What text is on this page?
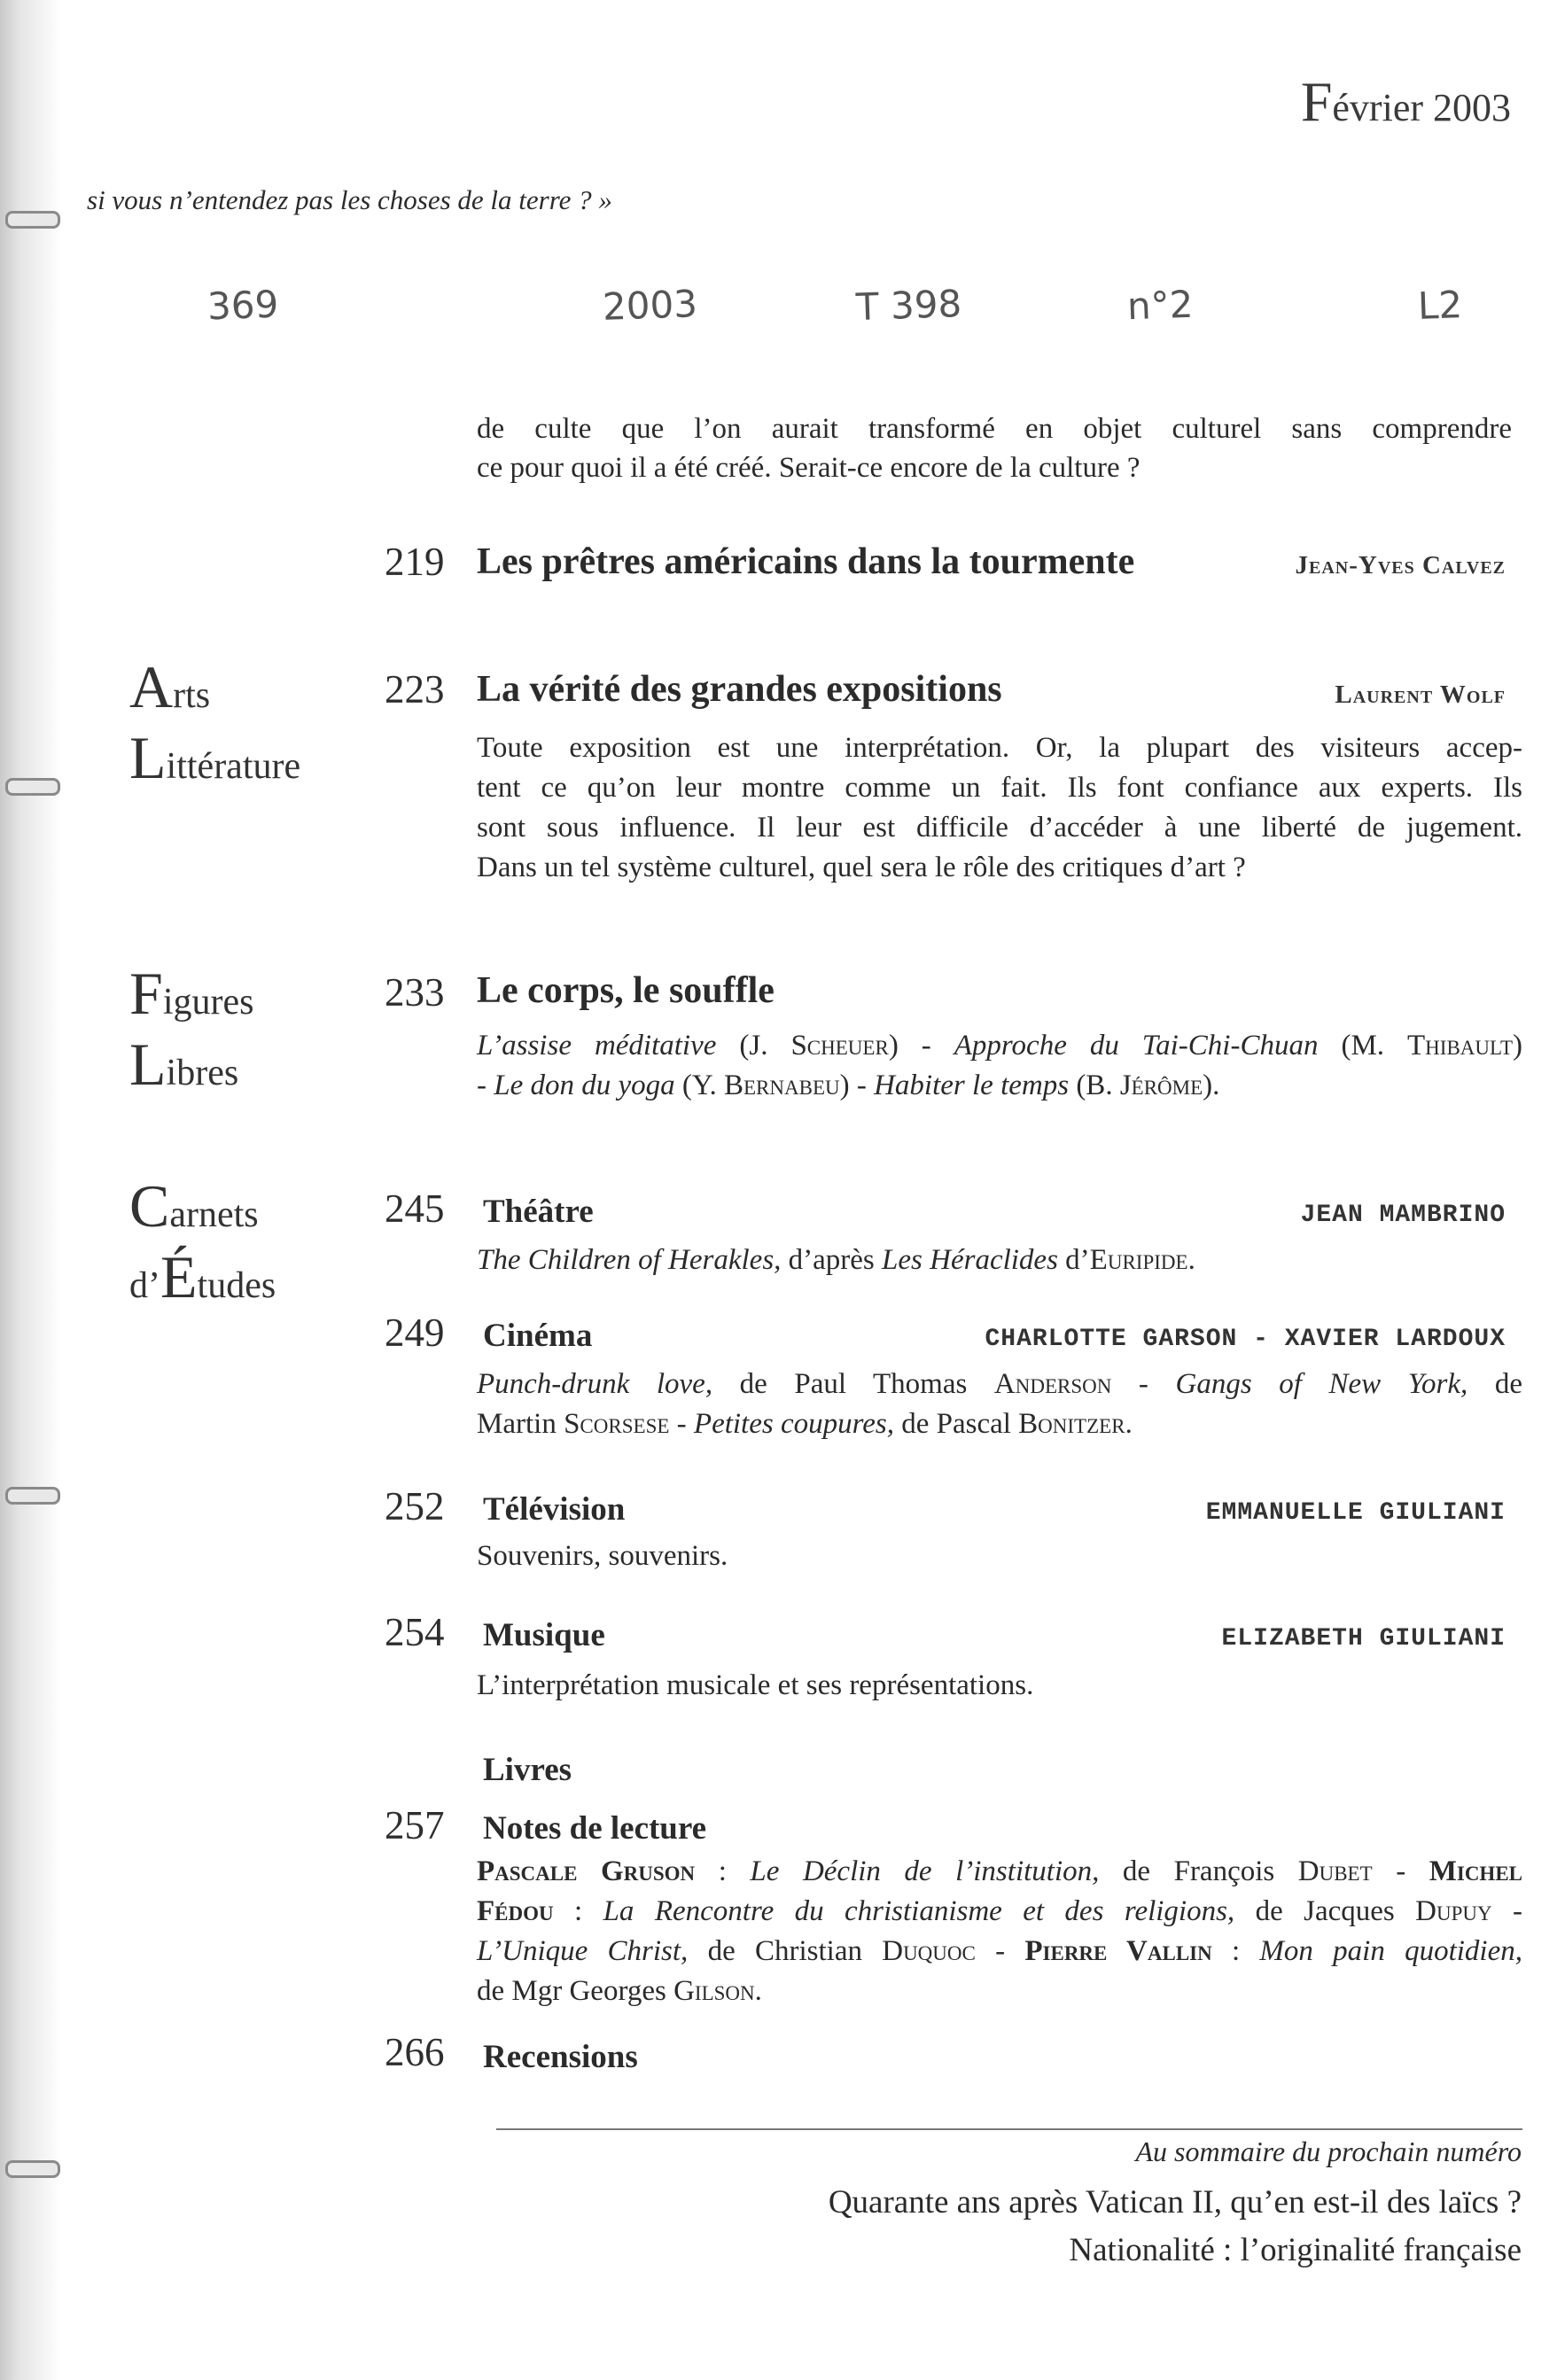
Février 2003
si vous n’entendez pas les choses de la terre ? »
369	2003	T 398	n°2	L2
de culte que l’on aurait transformé en objet culturel sans comprendre
ce pour quoi il a été créé. Serait-ce encore de la culture ?
219 Les prêtres américains dans la tourmente	Jean-Yves Calvez
Arts
Littérature
223 La vérité des grandes expositions	Laurent Wolf
Toute exposition est une interprétation. Or, la plupart des visiteurs accep-
tent ce qu’on leur montre comme un fait. Ils font confiance aux experts. Ils
sont sous influence. Il leur est difficile d’accéder à une liberté de jugement.
Dans un tel système culturel, quel sera le rôle des critiques d’art ?
Figures
Libres
233 Le corps, le souffle
L’assise méditative (J. Scheuer) - Approche du Tai-Chi-Chuan (M. Thibault)
- Le don du yoga (Y. Bernabeu) - Habiter le temps (B. Jérôme).
Carnets
d’Études
245	Théâtre	JEAN MAMBRINO
The Children of Herakles, d’après Les Héraclides d’Euripide.
249	Cinéma	CHARLOTTE GARSON - XAVIER LARDOUX
Punch-drunk love, de Paul Thomas Anderson - Gangs of New York, de
Martin Scorsese - Petites coupures, de Pascal Bonitzer.
252	Télévision	EMMANUELLE GIULIANI
Souvenirs, souvenirs.
254	Musique	ELIZABETH GIULIANI
L’interprétation musicale et ses représentations.
Livres
257	Notes de lecture
Pascale Gruson : Le Déclin de l’institution, de François Dubet - Michel
Fédou : La Rencontre du christianisme et des religions, de Jacques Dupuy -
L’Unique Christ, de Christian Duquoc - Pierre Vallin : Mon pain quotidien,
de Mgr Georges Gilson.
266	Recensions
Au sommaire du prochain numéro
Quarante ans après Vatican II, qu’en est-il des laïcs ?
Nationalité : l’originalité française
